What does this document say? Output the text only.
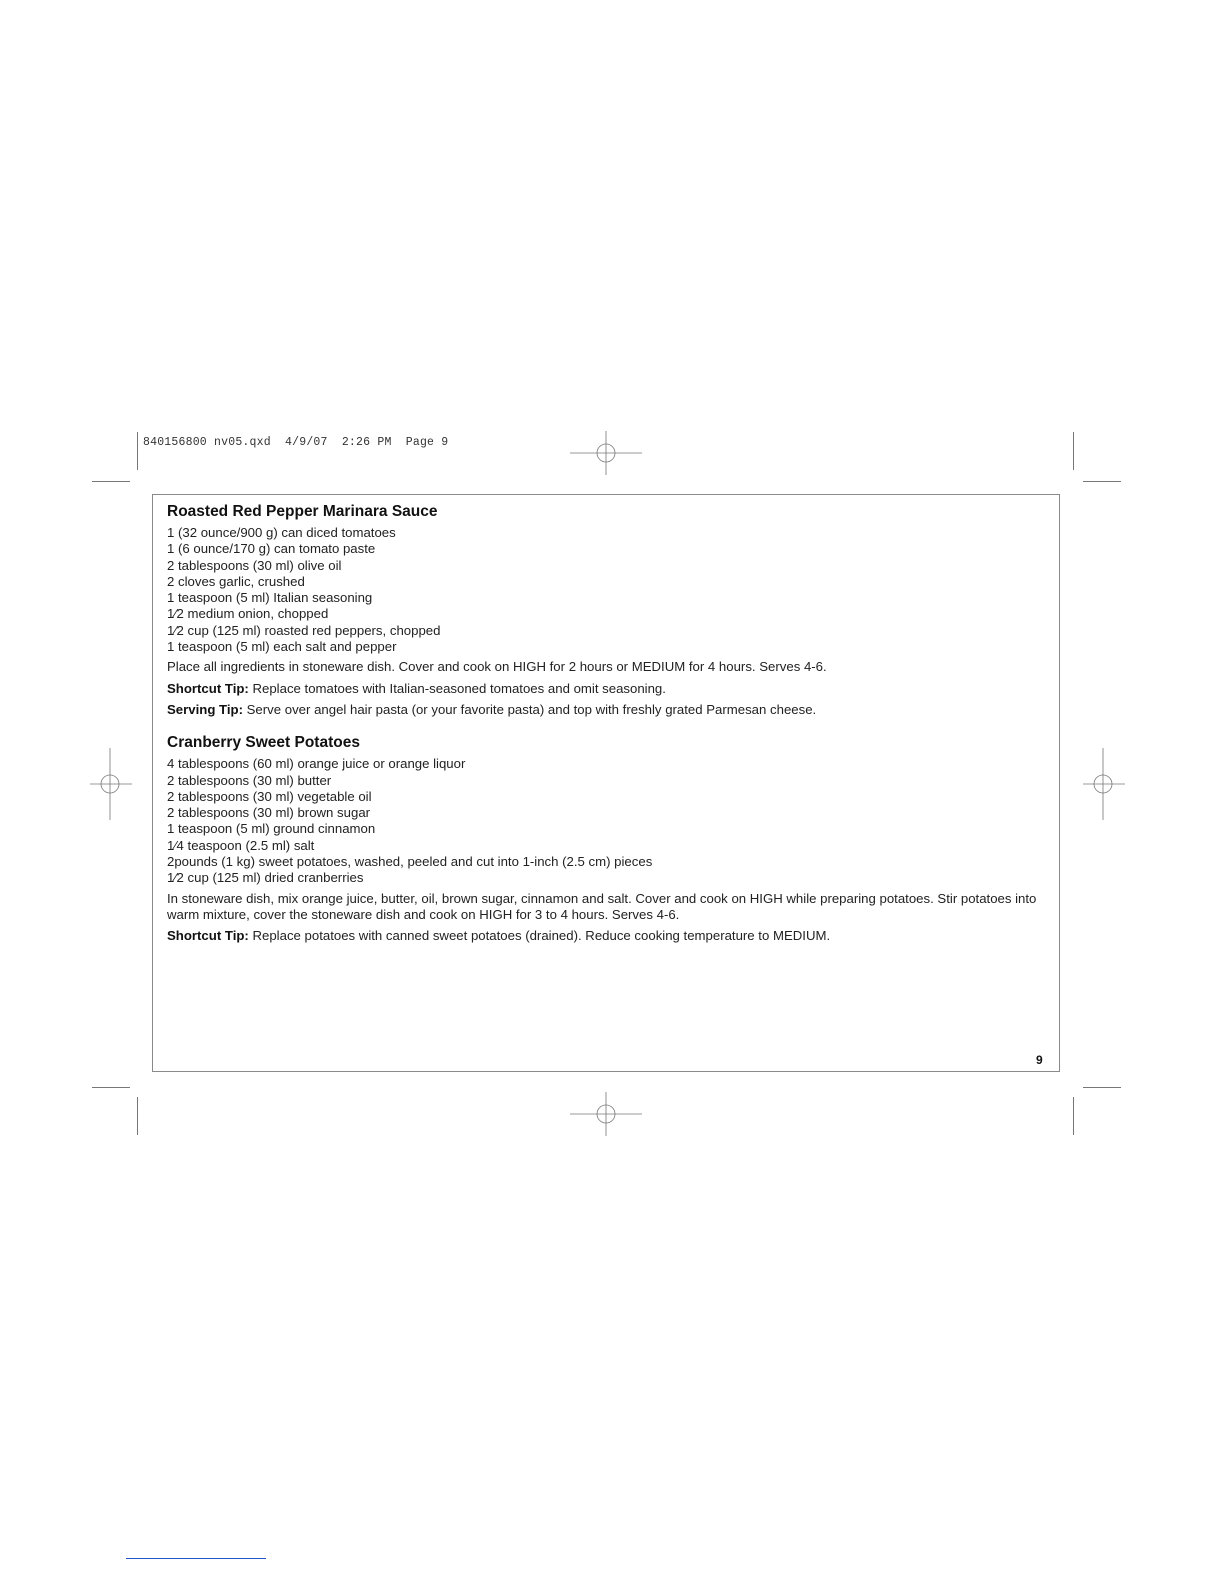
840156800 nv05.qxd  4/9/07  2:26 PM  Page 9
Roasted Red Pepper Marinara Sauce
1 (32 ounce/900 g) can diced tomatoes
1 (6 ounce/170 g) can tomato paste
2 tablespoons (30 ml) olive oil
2 cloves garlic, crushed
1 teaspoon (5 ml) Italian seasoning
1⁄2 medium onion, chopped
1⁄2 cup (125 ml) roasted red peppers, chopped
1 teaspoon (5 ml) each salt and pepper

Place all ingredients in stoneware dish. Cover and cook on HIGH for 2 hours or MEDIUM for 4 hours. Serves 4-6.

Shortcut Tip: Replace tomatoes with Italian-seasoned tomatoes and omit seasoning.

Serving Tip: Serve over angel hair pasta (or your favorite pasta) and top with freshly grated Parmesan cheese.

Cranberry Sweet Potatoes
4 tablespoons (60 ml) orange juice or orange liquor
2 tablespoons (30 ml) butter
2 tablespoons (30 ml) vegetable oil
2 tablespoons (30 ml) brown sugar
1 teaspoon (5 ml) ground cinnamon
1⁄4 teaspoon (2.5 ml) salt
2pounds (1 kg) sweet potatoes, washed, peeled and cut into 1-inch (2.5 cm) pieces
1⁄2 cup (125 ml) dried cranberries

In stoneware dish, mix orange juice, butter, oil, brown sugar, cinnamon and salt. Cover and cook on HIGH while preparing potatoes. Stir potatoes into warm mixture, cover the stoneware dish and cook on HIGH for 3 to 4 hours. Serves 4-6.

Shortcut Tip: Replace potatoes with canned sweet potatoes (drained). Reduce cooking temperature to MEDIUM.

9
